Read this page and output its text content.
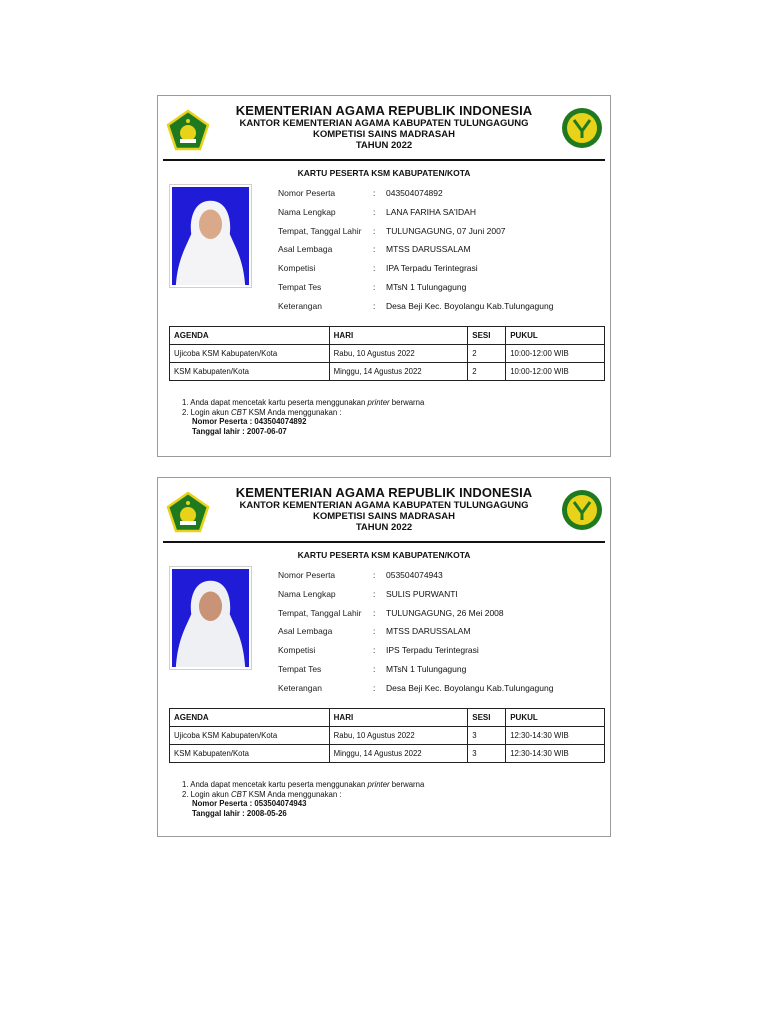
KEMENTERIAN AGAMA REPUBLIK INDONESIA
KANTOR KEMENTERIAN AGAMA KABUPATEN TULUNGAGUNG
KOMPETISI SAINS MADRASAH
TAHUN 2022
KARTU PESERTA KSM KABUPATEN/KOTA
Nomor Peserta	: 043504074892
Nama Lengkap	: LANA FARIHA SA'IDAH
Tempat, Tanggal Lahir : TULUNGAGUNG, 07 Juni 2007
Asal Lembaga	: MTSS DARUSSALAM
Kompetisi	: IPA Terpadu Terintegrasi
Tempat Tes	: MTsN 1 Tulungagung
Keterangan	: Desa Beji Kec. Boyolangu Kab.Tulungagung
AGENDA	HARI	SESI	PUKUL
Ujicoba KSM Kabupaten/Kota	Rabu, 10 Agustus 2022	2	10:00-12:00 WIB
KSM Kabupaten/Kota	Minggu, 14 Agustus 2022	2	10:00-12:00 WIB
1. Anda dapat mencetak kartu peserta menggunakan printer berwarna
2. Login akun CBT KSM Anda menggunakan :
Nomor Peserta : 043504074892
Tanggal lahir : 2007-06-07
KEMENTERIAN AGAMA REPUBLIK INDONESIA
KANTOR KEMENTERIAN AGAMA KABUPATEN TULUNGAGUNG
KOMPETISI SAINS MADRASAH
TAHUN 2022
KARTU PESERTA KSM KABUPATEN/KOTA
Nomor Peserta	: 053504074943
Nama Lengkap	: SULIS PURWANTI
Tempat, Tanggal Lahir : TULUNGAGUNG, 26 Mei 2008
Asal Lembaga	: MTSS DARUSSALAM
Kompetisi	: IPS Terpadu Terintegrasi
Tempat Tes	: MTsN 1 Tulungagung
Keterangan	: Desa Beji Kec. Boyolangu Kab.Tulungagung
AGENDA	HARI	SESI	PUKUL
Ujicoba KSM Kabupaten/Kota	Rabu, 10 Agustus 2022	3	12:30-14:30 WIB
KSM Kabupaten/Kota	Minggu, 14 Agustus 2022	3	12:30-14:30 WIB
1. Anda dapat mencetak kartu peserta menggunakan printer berwarna
2. Login akun CBT KSM Anda menggunakan :
Nomor Peserta : 053504074943
Tanggal lahir : 2008-05-26
